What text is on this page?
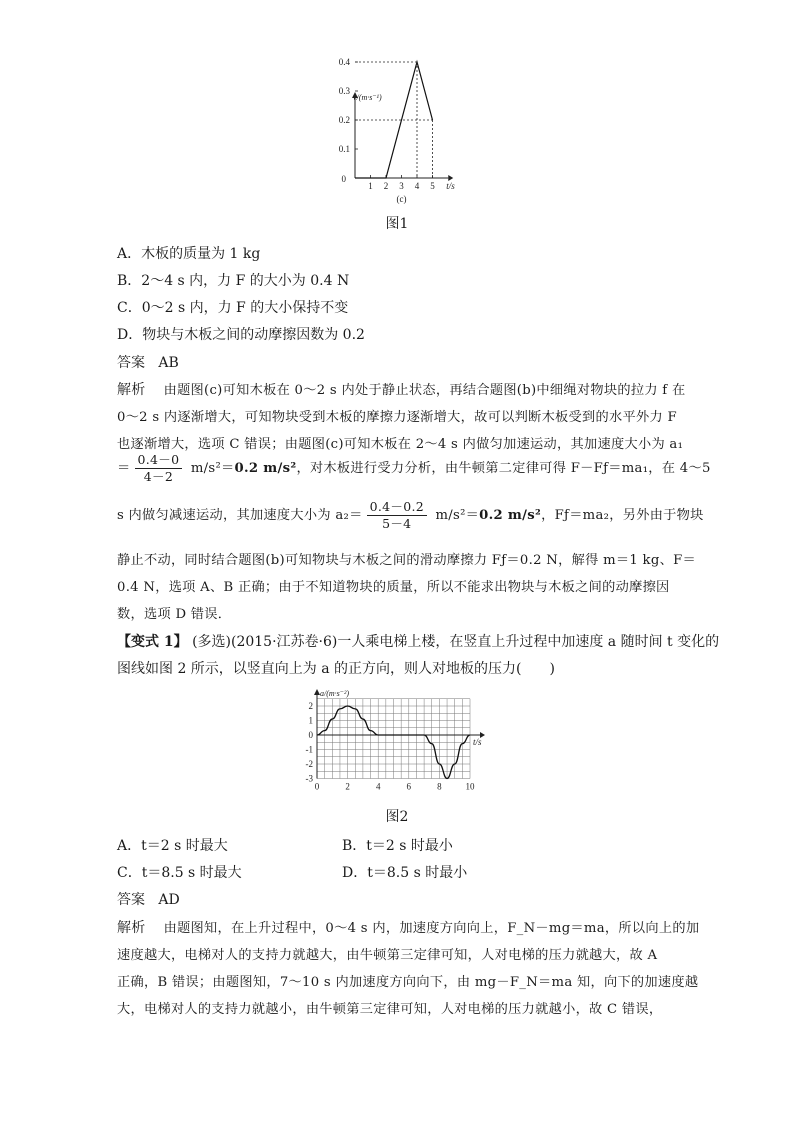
v/(m·s⁻¹)
t/s
0
1 2 3 4 5
0.4
0.3
0.2
0.1
(c)
图1
A．木板的质量为 1 kg
B．2～4 s 内，力 F 的大小为 0.4 N
C．0～2 s 内，力 F 的大小保持不变
D．物块与木板之间的动摩擦因数为 0.2
答案 AB
解析 由题图(c)可知木板在 0～2 s 内处于静止状态，再结合题图(b)中细绳对物块的拉力 f 在
0～2 s 内逐渐增大，可知物块受到木板的摩擦力逐渐增大，故可以判断木板受到的水平外力 F
也逐渐增大，选项 C 错误；由题图(c)可知木板在 2～4 s 内做匀加速运动，其加速度大小为 a₁
＝ $\frac{0.4-0}{4-2} m/s^2=0.2$ m/s²，对木板进行受力分析，由牛顿第二定律可得 F－Fƒ＝ma₁，在 4～5
s 内做匀减速运动，其加速度大小为 $a_2= \frac{0.4-0.2}{5-4} m/s^2=0.2$ m/s²，Fƒ＝ma₂，另外由于物块
静止不动，同时结合题图(b)可知物块与木板之间的滑动摩擦力 Fƒ＝0.2 N，解得 m＝1 kg、F＝
0.4 N，选项 A、B 正确；由于不知道物块的质量，所以不能求出物块与木板之间的动摩擦因
数，选项 D 错误．
【变式 1】 (多选)(2015·江苏卷·6)一人乘电梯上楼，在竖直上升过程中加速度 a 随时间 t 变化的
图线如图 2 所示，以竖直向上为 a 的正方向，则人对地板的压力(　　)
a/(m·s⁻²)
t/s
2
1
0
-1
-2
-3
0	2	4	6	8	10
图2
A．t＝2 s 时最大	B．t＝2 s 时最小
C．t＝8.5 s 时最大	D．t＝8.5 s 时最小
答案 AD
解析 由题图知，在上升过程中，0～4 s 内，加速度方向向上，F_N－mg＝ma，所以向上的加
速度越大，电梯对人的支持力就越大，由牛顿第三定律可知，人对电梯的压力就越大，故 A
正确，B 错误；由题图知，7～10 s 内加速度方向向下，由 mg－F_N＝ma 知，向下的加速度越
大，电梯对人的支持力就越小，由牛顿第三定律可知，人对电梯的压力就越小，故 C 错误，
